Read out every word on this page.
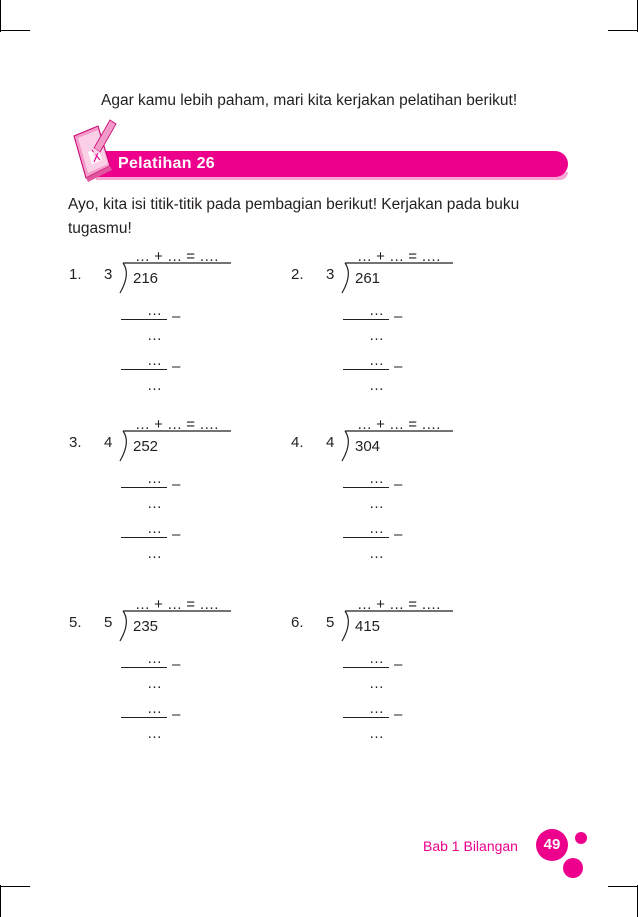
Agar kamu lebih paham, mari kita kerjakan pelatihan berikut!
Pelatihan 26
Ayo, kita isi titik-titik pada pembagian berikut! Kerjakan pada buku tugasmu!
1. 3
… + … = ….
216
… –
…
… –
…
2. 3
… + … = ….
261
… –
…
… –
…
3. 4
… + … = ….
252
… –
…
… –
…
4. 4
… + … = ….
304
… –
…
… –
…
5. 5
… + … = ….
235
… –
…
… –
…
6. 5
… + … = ….
415
… –
…
… –
…
Bab 1 Bilangan	49
